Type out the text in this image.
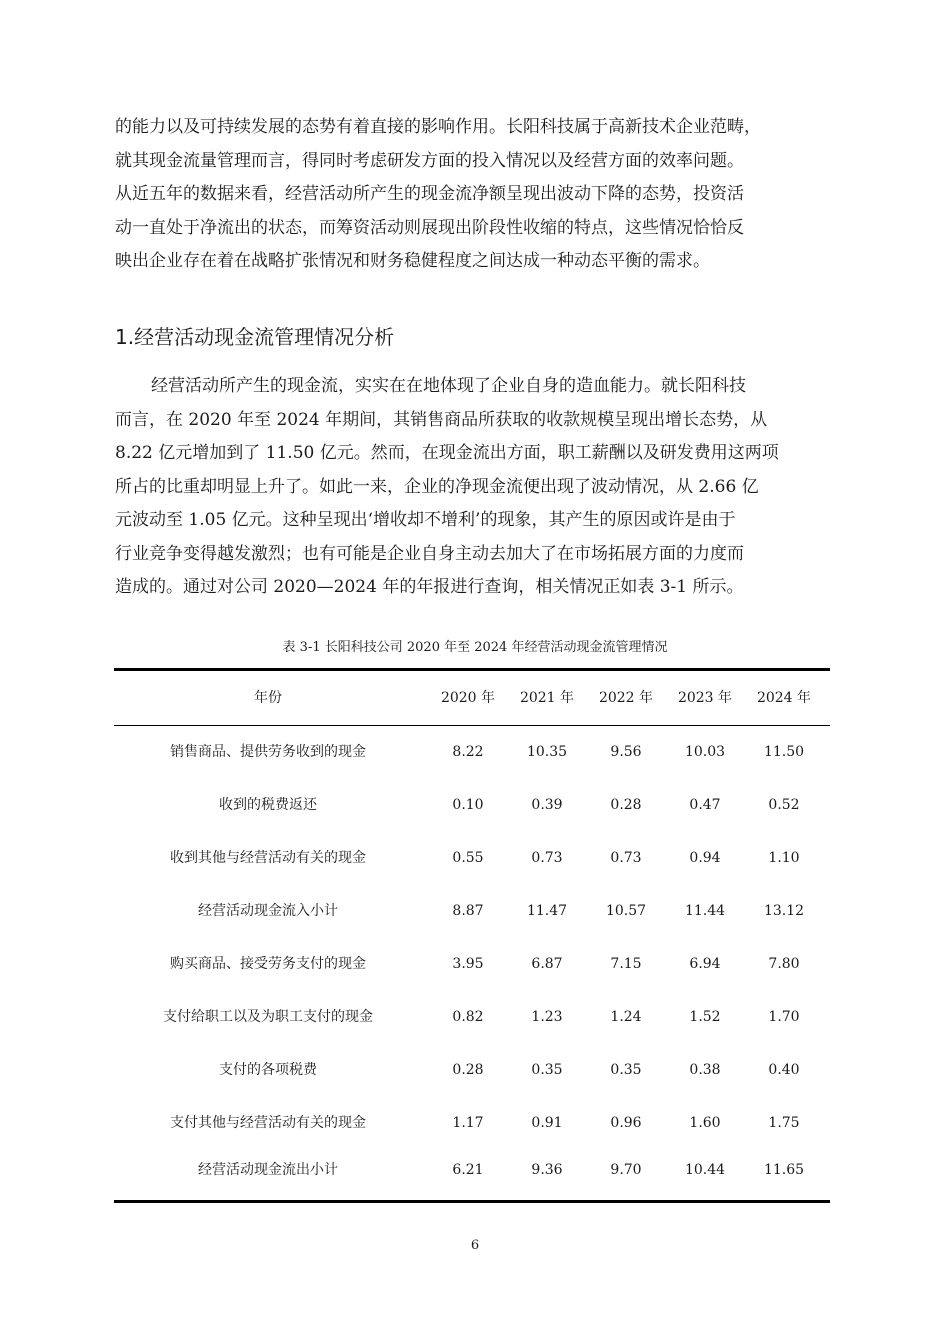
的能力以及可持续发展的态势有着直接的影响作用。长阳科技属于高新技术企业范畴，
就其现金流量管理而言，得同时考虑研发方面的投入情况以及经营方面的效率问题。
从近五年的数据来看，经营活动所产生的现金流净额呈现出波动下降的态势，投资活
动一直处于净流出的状态，而筹资活动则展现出阶段性收缩的特点，这些情况恰恰反
映出企业存在着在战略扩张情况和财务稳健程度之间达成一种动态平衡的需求。

1.经营活动现金流管理情况分析

经营活动所产生的现金流，实实在在地体现了企业自身的造血能力。就长阳科技
而言，在 2020 年至 2024 年期间，其销售商品所获取的收款规模呈现出增长态势，从
8.22 亿元增加到了 11.50 亿元。然而，在现金流出方面，职工薪酬以及研发费用这两项
所占的比重却明显上升了。如此一来，企业的净现金流便出现了波动情况，从 2.66 亿
元波动至 1.05 亿元。这种呈现出‘增收却不增利’的现象，其产生的原因或许是由于
行业竞争变得越发激烈；也有可能是企业自身主动去加大了在市场拓展方面的力度而
造成的。通过对公司 2020—2024 年的年报进行查询，相关情况正如表 3-1 所示。

表 3-1 长阳科技公司 2020 年至 2024 年经营活动现金流管理情况

年份	2020 年	2021 年	2022 年	2023 年	2024 年
销售商品、提供劳务收到的现金	8.22	10.35	9.56	10.03	11.50
收到的税费返还	0.10	0.39	0.28	0.47	0.52
收到其他与经营活动有关的现金	0.55	0.73	0.73	0.94	1.10
经营活动现金流入小计	8.87	11.47	10.57	11.44	13.12
购买商品、接受劳务支付的现金	3.95	6.87	7.15	6.94	7.80
支付给职工以及为职工支付的现金	0.82	1.23	1.24	1.52	1.70
支付的各项税费	0.28	0.35	0.35	0.38	0.40
支付其他与经营活动有关的现金	1.17	0.91	0.96	1.60	1.75
经营活动现金流出小计	6.21	9.36	9.70	10.44	11.65
6
